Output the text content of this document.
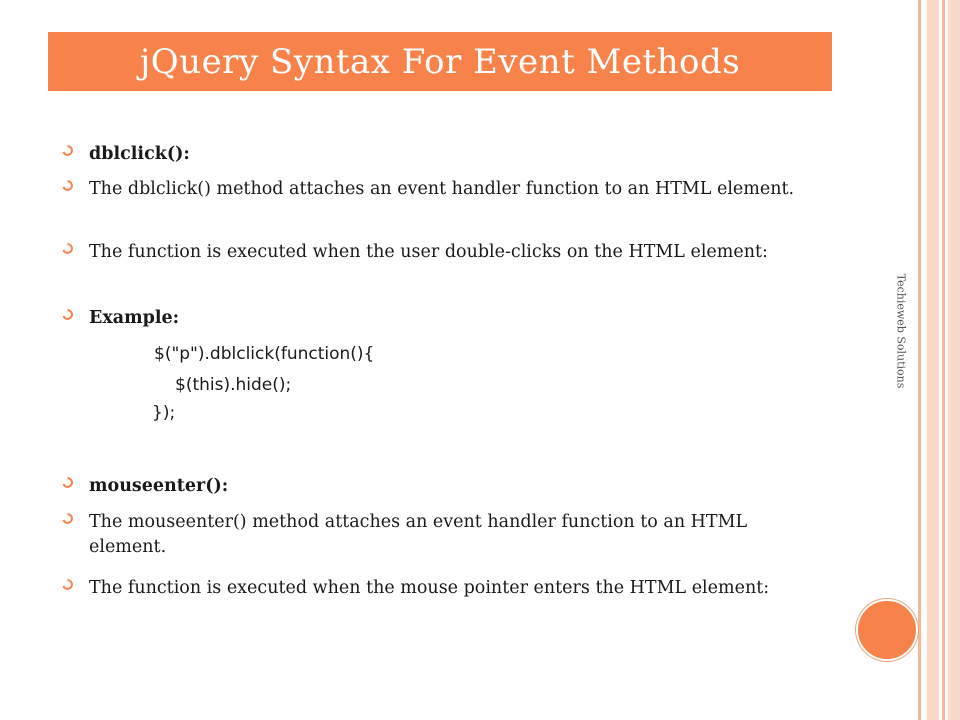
jQuery Syntax For Event Methods
dblclick():
The dblclick() method attaches an event handler function to an HTML element.
The function is executed when the user double-clicks on the HTML element:
Example:
$("p").dblclick(function(){
$(this).hide();
});
mouseenter():
The mouseenter() method attaches an event handler function to an HTML element.
The function is executed when the mouse pointer enters the HTML element:
Techieweb Solutions
